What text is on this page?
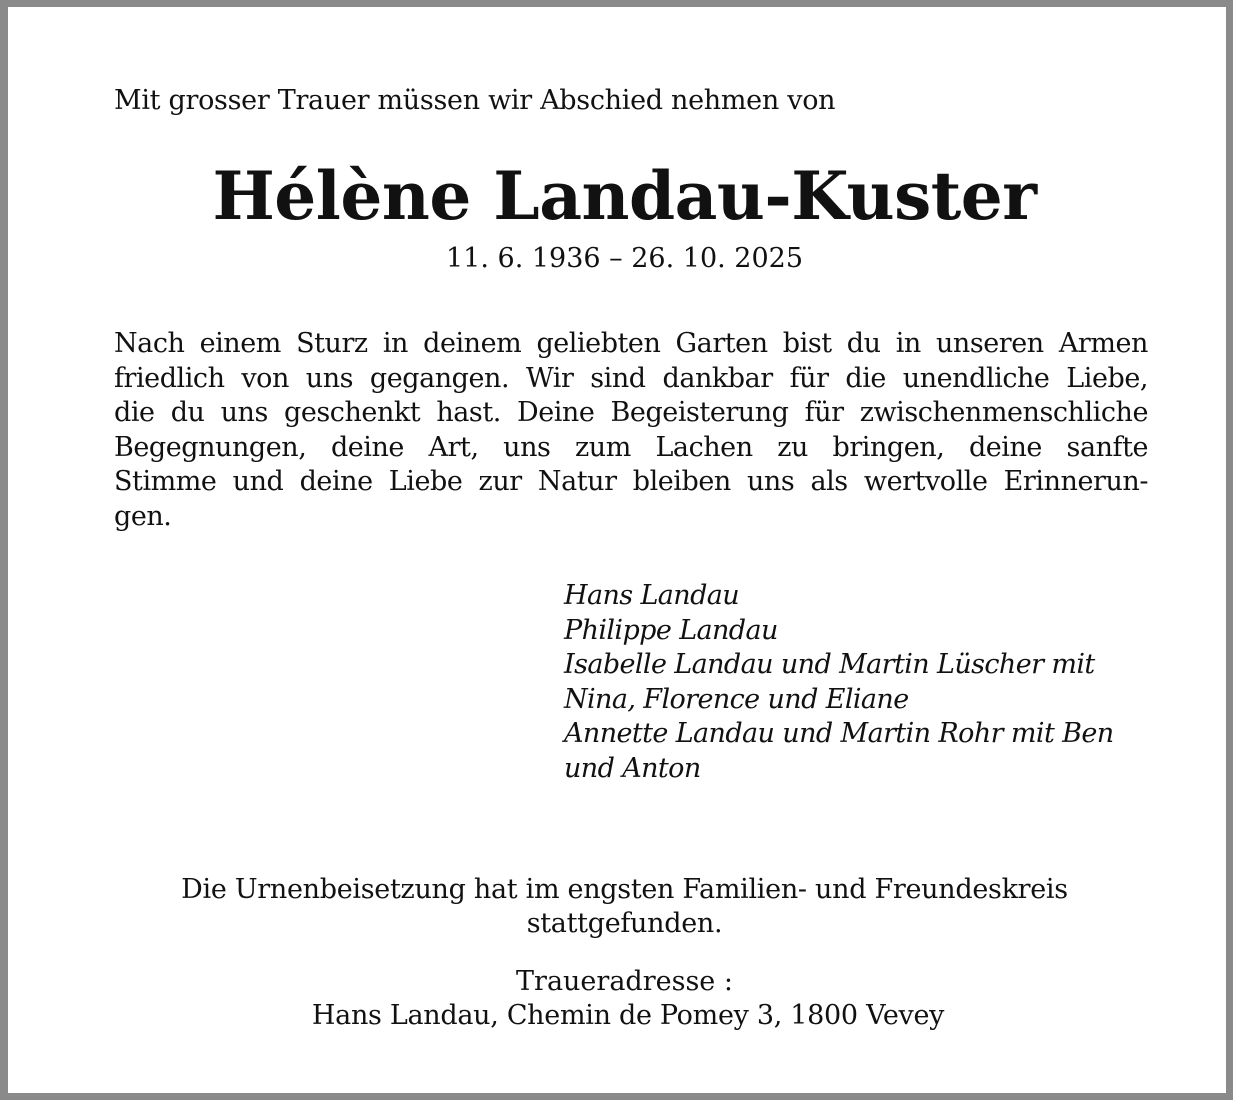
Mit grosser Trauer müssen wir Abschied nehmen von
Hélène Landau-Kuster
11. 6. 1936 – 26. 10. 2025
Nach einem Sturz in deinem geliebten Garten bist du in unseren Armen
friedlich von uns gegangen. Wir sind dankbar für die unendliche Liebe,
die du uns geschenkt hast. Deine Begeisterung für zwischenmenschliche
Begegnungen, deine Art, uns zum Lachen zu bringen, deine sanfte
Stimme und deine Liebe zur Natur bleiben uns als wertvolle Erinnerun-
gen.
Hans Landau
Philippe Landau
Isabelle Landau und Martin Lüscher mit
Nina, Florence und Eliane
Annette Landau und Martin Rohr mit Ben
und Anton
Die Urnenbeisetzung hat im engsten Familien- und Freundeskreis
stattgefunden.
Traueradresse :
Hans Landau, Chemin de Pomey 3, 1800 Vevey
